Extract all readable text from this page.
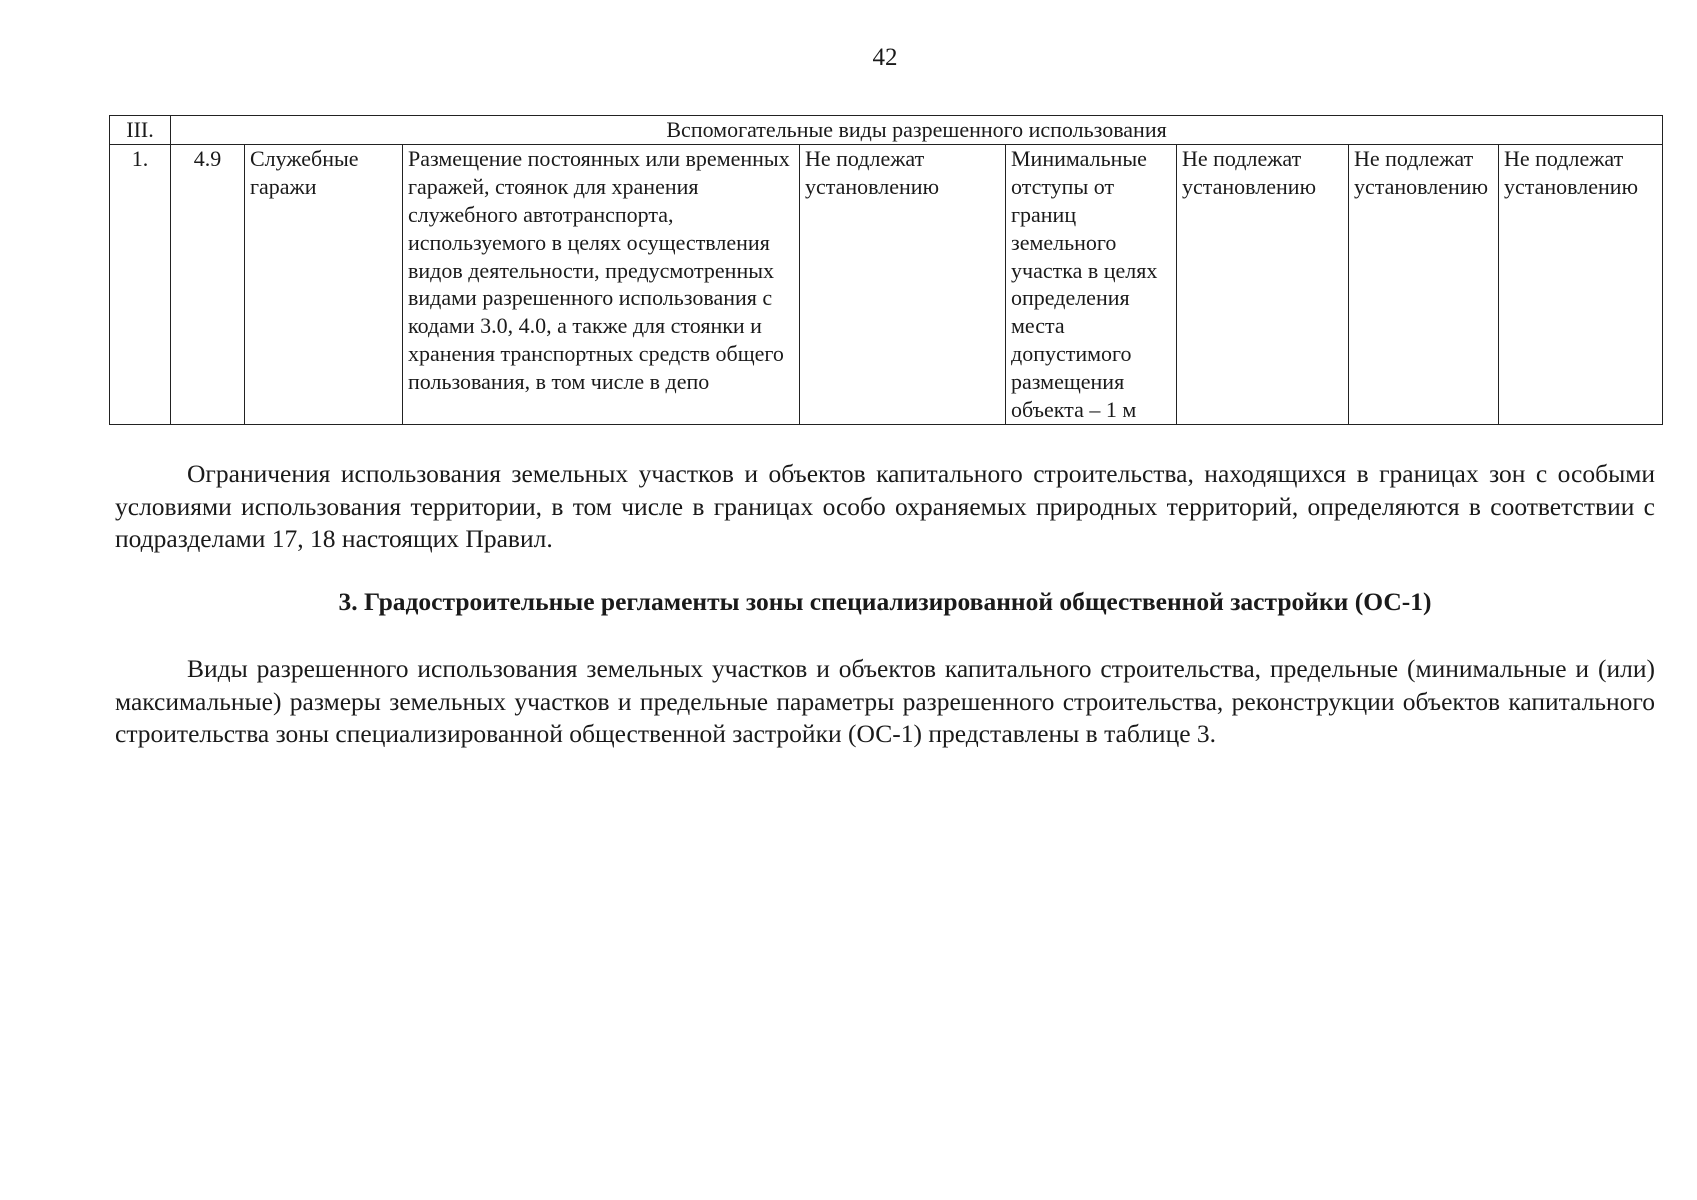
42
III.	Вспомогательные виды разрешенного использования							
1.	4.9	Служебные гаражи	Размещение постоянных или временных гаражей, стоянок для хранения служебного автотранспорта, используемого в целях осуществления видов деятельности, предусмотренных видами разрешенного использования с кодами 3.0, 4.0, а также для стоянки и хранения транспортных средств общего пользования, в том числе в депо	Не подлежат установлению	Минимальные отступы от границ земельного участка в целях определения места допустимого размещения объекта – 1 м	Не подлежат установлению	Не подлежат установлению	Не подлежат установлению

Ограничения использования земельных участков и объектов капитального строительства, находящихся в границах зон с особыми условиями использования территории, в том числе в границах особо охраняемых природных территорий, определяются в соответствии с подразделами 17, 18 настоящих Правил.

3. Градостроительные регламенты зоны специализированной общественной застройки (ОС-1)

Виды разрешенного использования земельных участков и объектов капитального строительства, предельные (минимальные и (или) максимальные) размеры земельных участков и предельные параметры разрешенного строительства, реконструкции объектов капитального строительства зоны специализированной общественной застройки (ОС-1) представлены в таблице 3.
